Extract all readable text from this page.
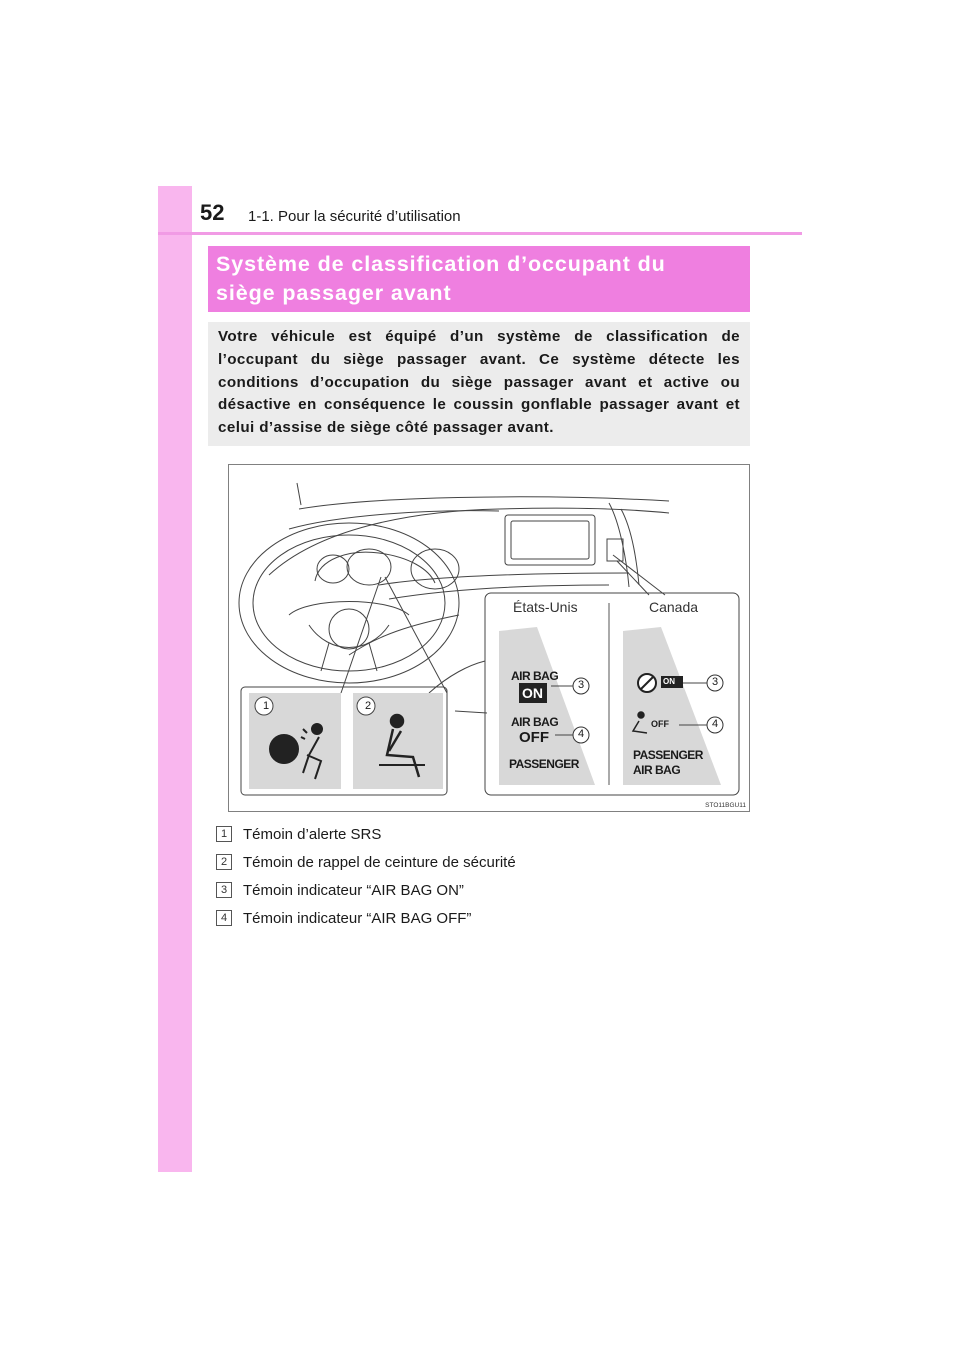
52 1-1. Pour la sécurité d’utilisation
Système de classification d’occupant du
siège passager avant

Votre véhicule est équipé d’un système de classification de l’occupant du siège passager avant. Ce système détecte les conditions d’occupation du siège passager avant et active ou désactive en conséquence le coussin gonflable passager avant et celui d’assise de siège côté passager avant.

États-Unis	Canada
AIR BAG
ON
AIR BAG
OFF
PASSENGER
ON
OFF
PASSENGER
AIR BAG
1	2
3
4
3
4
STO11BGU11
1	Témoin d’alerte SRS
2	Témoin de rappel de ceinture de sécurité
3	Témoin indicateur “AIR BAG ON”
4	Témoin indicateur “AIR BAG OFF”
